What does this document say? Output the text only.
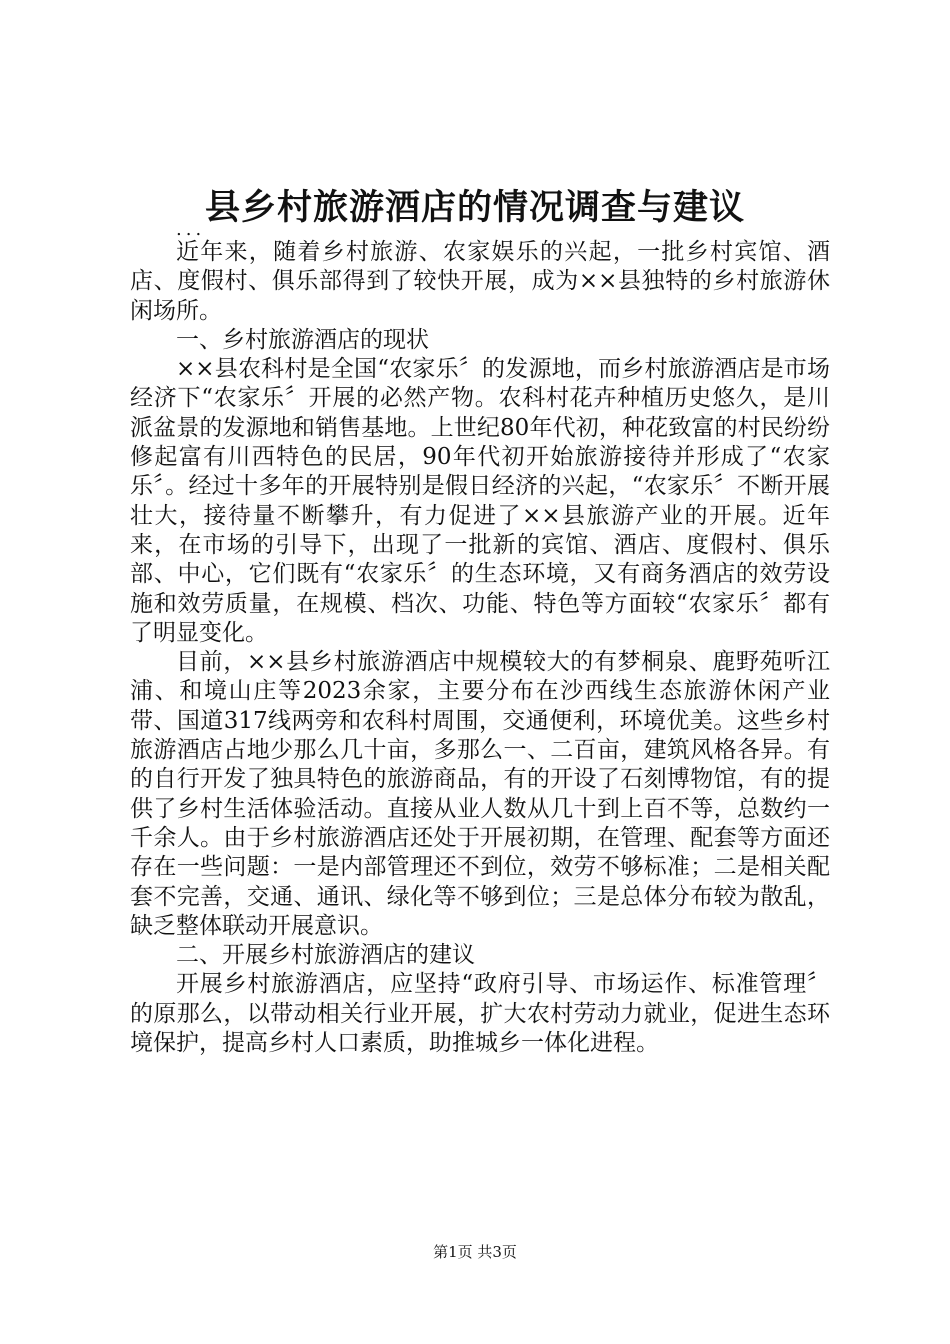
县乡村旅游酒店的情况调查与建议
...

近年来，随着乡村旅游、农家娱乐的兴起，一批乡村宾馆、酒店、度假村、俱乐部得到了较快开展，成为××县独特的乡村旅游休闲场所。

一、乡村旅游酒店的现状

××县农科村是全国“农家乐〞的发源地，而乡村旅游酒店是市场经济下“农家乐〞开展的必然产物。农科村花卉种植历史悠久，是川派盆景的发源地和销售基地。上世纪80年代初，种花致富的村民纷纷修起富有川西特色的民居，90年代初开始旅游接待并形成了“农家乐〞。经过十多年的开展特别是假日经济的兴起，“农家乐〞不断开展壮大，接待量不断攀升，有力促进了××县旅游产业的开展。近年来，在市场的引导下，出现了一批新的宾馆、酒店、度假村、俱乐部、中心，它们既有“农家乐〞的生态环境，又有商务酒店的效劳设施和效劳质量，在规模、档次、功能、特色等方面较“农家乐〞都有了明显变化。

目前，××县乡村旅游酒店中规模较大的有梦桐泉、鹿野苑听江浦、和境山庄等2023余家，主要分布在沙西线生态旅游休闲产业带、国道317线两旁和农科村周围，交通便利，环境优美。这些乡村旅游酒店占地少那么几十亩，多那么一、二百亩，建筑风格各异。有的自行开发了独具特色的旅游商品，有的开设了石刻博物馆，有的提供了乡村生活体验活动。直接从业人数从几十到上百不等，总数约一千余人。由于乡村旅游酒店还处于开展初期，在管理、配套等方面还存在一些问题：一是内部管理还不到位，效劳不够标准；二是相关配套不完善，交通、通讯、绿化等不够到位；三是总体分布较为散乱，缺乏整体联动开展意识。

二、开展乡村旅游酒店的建议

开展乡村旅游酒店，应坚持“政府引导、市场运作、标准管理〞的原那么，以带动相关行业开展，扩大农村劳动力就业，促进生态环境保护，提高乡村人口素质，助推城乡一体化进程。

第1页 共3页
